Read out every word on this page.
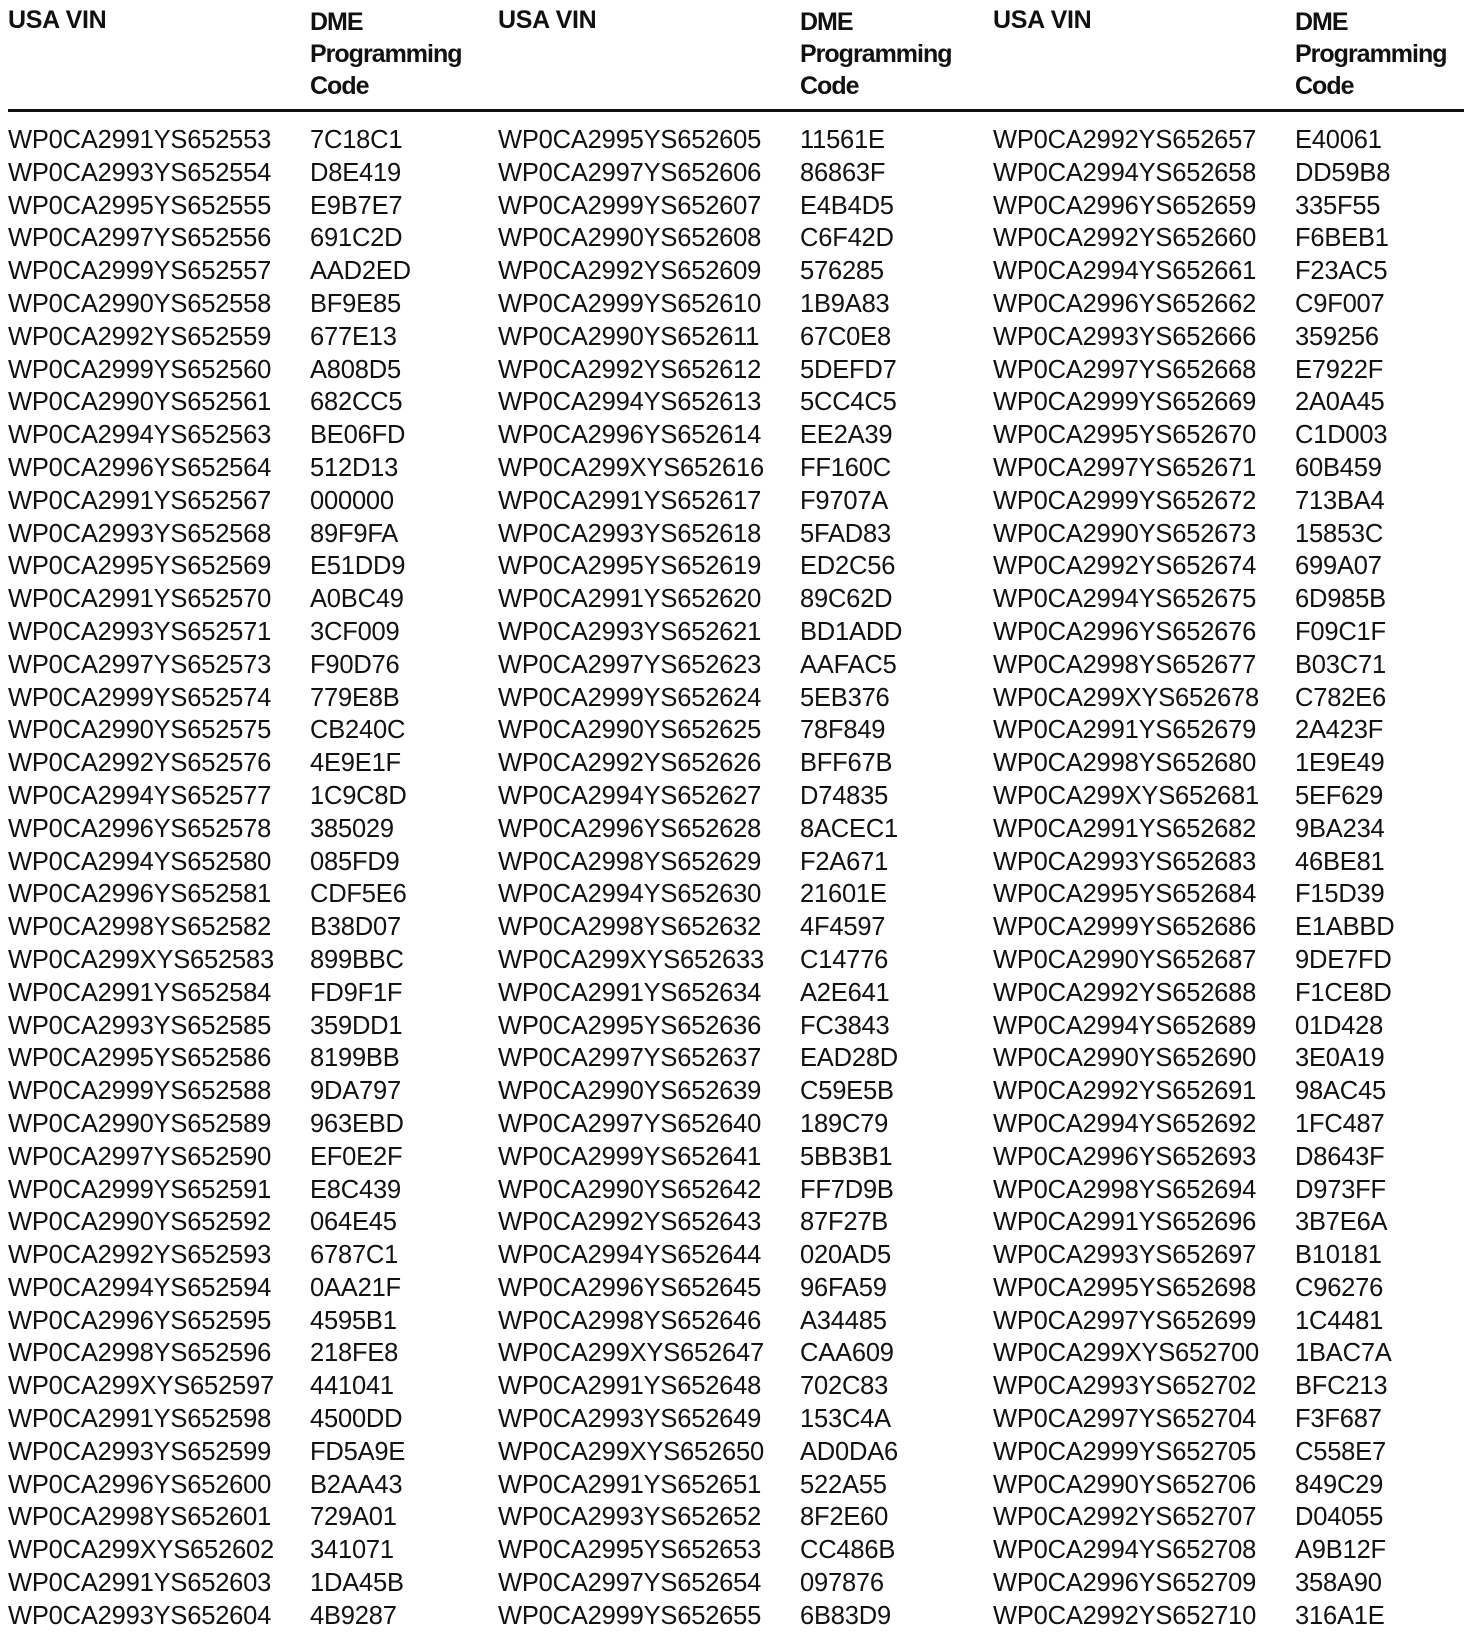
USA VIN	DME
Programming
Code
WP0CA2991YS652553	7C18C1
WP0CA2993YS652554	D8E419
WP0CA2995YS652555	E9B7E7
WP0CA2997YS652556	691C2D
WP0CA2999YS652557	AAD2ED
WP0CA2990YS652558	BF9E85
WP0CA2992YS652559	677E13
WP0CA2999YS652560	A808D5
WP0CA2990YS652561	682CC5
WP0CA2994YS652563	BE06FD
WP0CA2996YS652564	512D13
WP0CA2991YS652567	000000
WP0CA2993YS652568	89F9FA
WP0CA2995YS652569	E51DD9
WP0CA2991YS652570	A0BC49
WP0CA2993YS652571	3CF009
WP0CA2997YS652573	F90D76
WP0CA2999YS652574	779E8B
WP0CA2990YS652575	CB240C
WP0CA2992YS652576	4E9E1F
WP0CA2994YS652577	1C9C8D
WP0CA2996YS652578	385029
WP0CA2994YS652580	085FD9
WP0CA2996YS652581	CDF5E6
WP0CA2998YS652582	B38D07
WP0CA299XYS652583	899BBC
WP0CA2991YS652584	FD9F1F
WP0CA2993YS652585	359DD1
WP0CA2995YS652586	8199BB
WP0CA2999YS652588	9DA797
WP0CA2990YS652589	963EBD
WP0CA2997YS652590	EF0E2F
WP0CA2999YS652591	E8C439
WP0CA2990YS652592	064E45
WP0CA2992YS652593	6787C1
WP0CA2994YS652594	0AA21F
WP0CA2996YS652595	4595B1
WP0CA2998YS652596	218FE8
WP0CA299XYS652597	441041
WP0CA2991YS652598	4500DD
WP0CA2993YS652599	FD5A9E
WP0CA2996YS652600	B2AA43
WP0CA2998YS652601	729A01
WP0CA299XYS652602	341071
WP0CA2991YS652603	1DA45B
WP0CA2993YS652604	4B9287
USA VIN	DME
Programming
Code
WP0CA2995YS652605	11561E
WP0CA2997YS652606	86863F
WP0CA2999YS652607	E4B4D5
WP0CA2990YS652608	C6F42D
WP0CA2992YS652609	576285
WP0CA2999YS652610	1B9A83
WP0CA2990YS652611	67C0E8
WP0CA2992YS652612	5DEFD7
WP0CA2994YS652613	5CC4C5
WP0CA2996YS652614	EE2A39
WP0CA299XYS652616	FF160C
WP0CA2991YS652617	F9707A
WP0CA2993YS652618	5FAD83
WP0CA2995YS652619	ED2C56
WP0CA2991YS652620	89C62D
WP0CA2993YS652621	BD1ADD
WP0CA2997YS652623	AAFAC5
WP0CA2999YS652624	5EB376
WP0CA2990YS652625	78F849
WP0CA2992YS652626	BFF67B
WP0CA2994YS652627	D74835
WP0CA2996YS652628	8ACEC1
WP0CA2998YS652629	F2A671
WP0CA2994YS652630	21601E
WP0CA2998YS652632	4F4597
WP0CA299XYS652633	C14776
WP0CA2991YS652634	A2E641
WP0CA2995YS652636	FC3843
WP0CA2997YS652637	EAD28D
WP0CA2990YS652639	C59E5B
WP0CA2997YS652640	189C79
WP0CA2999YS652641	5BB3B1
WP0CA2990YS652642	FF7D9B
WP0CA2992YS652643	87F27B
WP0CA2994YS652644	020AD5
WP0CA2996YS652645	96FA59
WP0CA2998YS652646	A34485
WP0CA299XYS652647	CAA609
WP0CA2991YS652648	702C83
WP0CA2993YS652649	153C4A
WP0CA299XYS652650	AD0DA6
WP0CA2991YS652651	522A55
WP0CA2993YS652652	8F2E60
WP0CA2995YS652653	CC486B
WP0CA2997YS652654	097876
WP0CA2999YS652655	6B83D9
USA VIN	DME
Programming
Code
WP0CA2992YS652657	E40061
WP0CA2994YS652658	DD59B8
WP0CA2996YS652659	335F55
WP0CA2992YS652660	F6BEB1
WP0CA2994YS652661	F23AC5
WP0CA2996YS652662	C9F007
WP0CA2993YS652666	359256
WP0CA2997YS652668	E7922F
WP0CA2999YS652669	2A0A45
WP0CA2995YS652670	C1D003
WP0CA2997YS652671	60B459
WP0CA2999YS652672	713BA4
WP0CA2990YS652673	15853C
WP0CA2992YS652674	699A07
WP0CA2994YS652675	6D985B
WP0CA2996YS652676	F09C1F
WP0CA2998YS652677	B03C71
WP0CA299XYS652678	C782E6
WP0CA2991YS652679	2A423F
WP0CA2998YS652680	1E9E49
WP0CA299XYS652681	5EF629
WP0CA2991YS652682	9BA234
WP0CA2993YS652683	46BE81
WP0CA2995YS652684	F15D39
WP0CA2999YS652686	E1ABBD
WP0CA2990YS652687	9DE7FD
WP0CA2992YS652688	F1CE8D
WP0CA2994YS652689	01D428
WP0CA2990YS652690	3E0A19
WP0CA2992YS652691	98AC45
WP0CA2994YS652692	1FC487
WP0CA2996YS652693	D8643F
WP0CA2998YS652694	D973FF
WP0CA2991YS652696	3B7E6A
WP0CA2993YS652697	B10181
WP0CA2995YS652698	C96276
WP0CA2997YS652699	1C4481
WP0CA299XYS652700	1BAC7A
WP0CA2993YS652702	BFC213
WP0CA2997YS652704	F3F687
WP0CA2999YS652705	C558E7
WP0CA2990YS652706	849C29
WP0CA2992YS652707	D04055
WP0CA2994YS652708	A9B12F
WP0CA2996YS652709	358A90
WP0CA2992YS652710	316A1E
